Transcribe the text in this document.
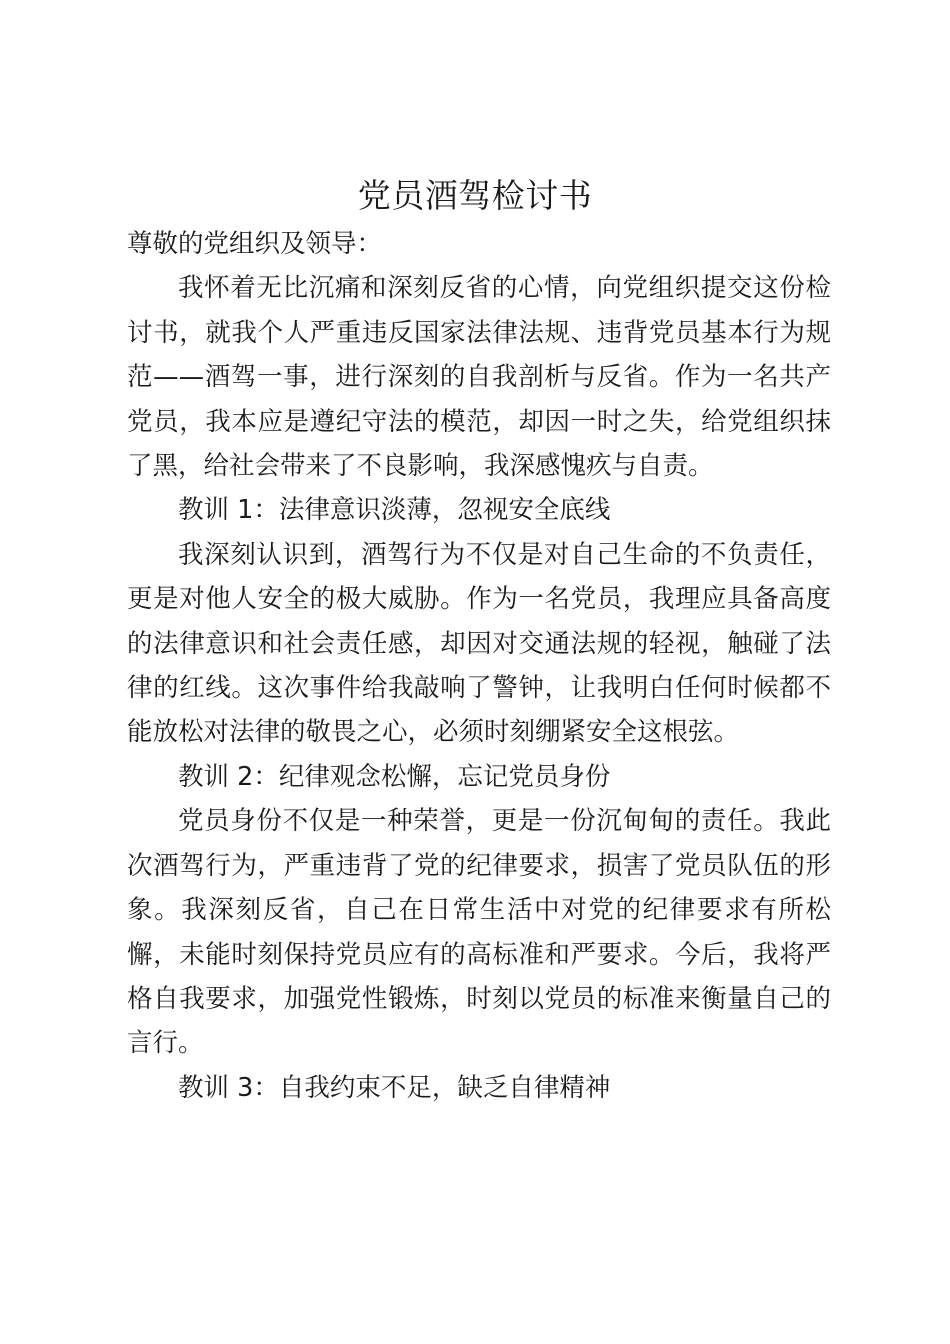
党员酒驾检讨书

尊敬的党组织及领导：

我怀着无比沉痛和深刻反省的心情，向党组织提交这份检讨书，就我个人严重违反国家法律法规、违背党员基本行为规范——酒驾一事，进行深刻的自我剖析与反省。作为一名共产党员，我本应是遵纪守法的模范，却因一时之失，给党组织抹了黑，给社会带来了不良影响，我深感愧疚与自责。

教训 1：法律意识淡薄，忽视安全底线

我深刻认识到，酒驾行为不仅是对自己生命的不负责任，更是对他人安全的极大威胁。作为一名党员，我理应具备高度的法律意识和社会责任感，却因对交通法规的轻视，触碰了法律的红线。这次事件给我敲响了警钟，让我明白任何时候都不能放松对法律的敬畏之心，必须时刻绷紧安全这根弦。

教训 2：纪律观念松懈，忘记党员身份

党员身份不仅是一种荣誉，更是一份沉甸甸的责任。我此次酒驾行为，严重违背了党的纪律要求，损害了党员队伍的形象。我深刻反省，自己在日常生活中对党的纪律要求有所松懈，未能时刻保持党员应有的高标准和严要求。今后，我将严格自我要求，加强党性锻炼，时刻以党员的标准来衡量自己的言行。

教训 3：自我约束不足，缺乏自律精神
